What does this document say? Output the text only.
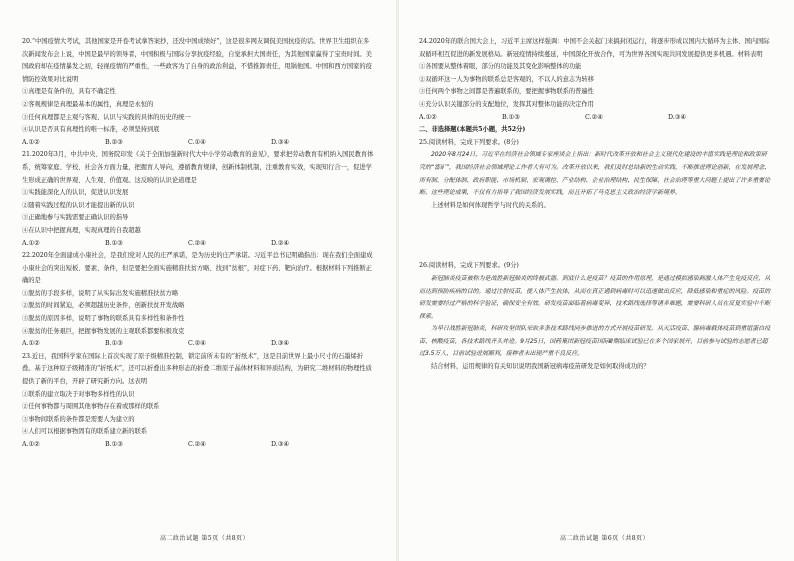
20.“中国疫情大考试，其他国家是开卷考试拿答案抄，还没中国成绩好”，这是很多网友调侃美国抗疫的话。世界卫生组织在多次新闻发布会上说，中国是最早的领导者，中国积极与国际分享抗疫经验，自觉承担大国责任，为其他国家赢得了宝贵时间。美国政府却在疫情暴发之初，轻视疫情的严重性，一些政客为了自身的政治利益，不惜推卸责任，甩锅他国。中国和西方国家的疫情防控效果对比说明
①真理是有条件的，具有不确定性
②客观规律是真理最基本的属性，真理是永恒的
③任何真理都是主观与客观、认识与实践的具体的历史的统一
④认识是否具有真理性的唯一标准，必须坚持到底
A.①②	B.②③	C.①④	D.③④
21.2020年3月，中共中央、国务院印发《关于全面加强新时代大中小学劳动教育的意见》，要求把劳动教育有机纳入国民教育体系，统筹家庭、学校、社会各方面力量，把握育人导向，遵循教育规律，创新体制机制，注重教育实效，实现知行合一，促进学生形成正确的世界观、人生观、价值观。这反映的认识论道理是
①实践能深化人的认识，促进认识发展
②随着实践过程的认识才能提出新的认识
③正确地参与实践需要正确认识的指导
④在认识中把握真理，实现真理的自我超越
A.①②	B.①③	C.②④	D.②④
22.2020年全面建成小康社会，是我们党对人民的庄严承诺，是为历史的庄严承诺。习近平总书记明确指出：现在我们全面建成小康社会的突出短板、要素、条件，但是要把全面实施精准扶贫方略、找到“贫根”，对症下药、靶向治疗。根据材料下列推断正确的是
①脱贫的手段多样，说明了从实际出发实施精准扶贫方略
②脱贫的时间紧迫，必须超越历史条件，创新扶贫开发战略
③脱贫的原因多样，说明了事物的联系具有多样性和条件性
④脱贫的任务艰巨，把握事物发展的主观联系都要积极攻克
A.①②	B.①③	C.②④	D.③④
23.近日，我国科学家在国际上首次实现了原子级精准控制，锁定前所未有的“折纸术”，这是目前世界上最小尺寸的石墨烯折叠。基于这种原子级精准的“折纸术”，还可以折叠出多种形态的折叠二维原子晶体材料和异质结构，为研究二维材料的物理性质提供了新的平台，开辟了研究新方向。这表明
①联系的建立取决于对事物多样性的认识
②任何事物都与周围其他事物存在着或那样的联系
③事物间联系的条件都是需要人为建立的
④人们可以根据事物固有的联系建立新的联系
A.①②	B.①③	C.②④	D.③④
24.2020年的联合国大会上，习近平主席这样强调：中国不会关起门来搞封闭运行，将逐步形成以国内大循环为主体、国内国际双循环相互促进的新发展格局。新冠疫情持续蔓延，中国深化开放合作，可为世界各国实现共同发展提供更多机遇。材料表明
①各国要从整体着眼，部分的功能及其变化影响整体的功能
②双循环这一人为事物的联系总是客观的，不以人的意志为转移
③任何两个事物之间都是普遍联系的，要把握事物联系的普遍性
④充分认识关键部分的支配地位，发挥其对整体功能的决定作用
A.①②	B.①③	C.②④	D.③④
二、非选择题(本题共5小题，共52分)
25.阅读材料，完成下列要求。(8分)
2020年8月24日，习近平在经济社会领域专家座谈会上指出：新时代改革开放和社会主义现代化建设的丰富实践是理论和政策研究的“富矿”，我国经济社会领域理论工作者大有可为。改革开放以来，我们及时总结新的生动实践，不断推进理论创新，在发展理念、所有制、分配体制、政府职能、市场机制、宏观调控、产业结构、企业治理结构、民生保障、社会治理等重大问题上提出了许多重要论断。这些理论成果，不仅有力指导了我国经济发展实践，而且开拓了马克思主义政治经济学新境界。
上述材料是如何体现哲学与时代的关系的。
26.阅读材料，完成下列要求。(9分)
新冠肺炎疫苗被称为是战胜新冠肺炎的终极武器。到底什么是疫苗？疫苗的作用原理，是通过模拟感染刺激人体产生免疫反应，从而达到预防疾病的目的。通过注射疫苗，使人体产生抗体，从而在真正遇到病毒时可以迅速做出反应，降低感染和重症的风险。疫苗的研发需要经过严格的科学验证，确保安全有效。研发疫苗面临着病毒变异、技术路线选择等诸多难题，需要科研人员在反复实验中不断探索。
为早日战胜新冠肺炎，科研攻坚团队采取多条技术路线同步推进的方式开展疫苗研发。从灭活疫苗、腺病毒载体疫苗到重组蛋白疫苗、核酸疫苗，各技术路线齐头并进。9月25日，国药集团新冠疫苗国际Ⅲ期临床试验已在多个国家展开，目前参与试验的志愿者已超过3.5万人，目前试验进展顺利，接种者未出现严重不良反应。
结合材料，运用规律的有关知识说明我国新冠病毒疫苗研发是如何取得成功的？
高二政治试题 第5页（共8页）	高二政治试题 第6页（共8页）
